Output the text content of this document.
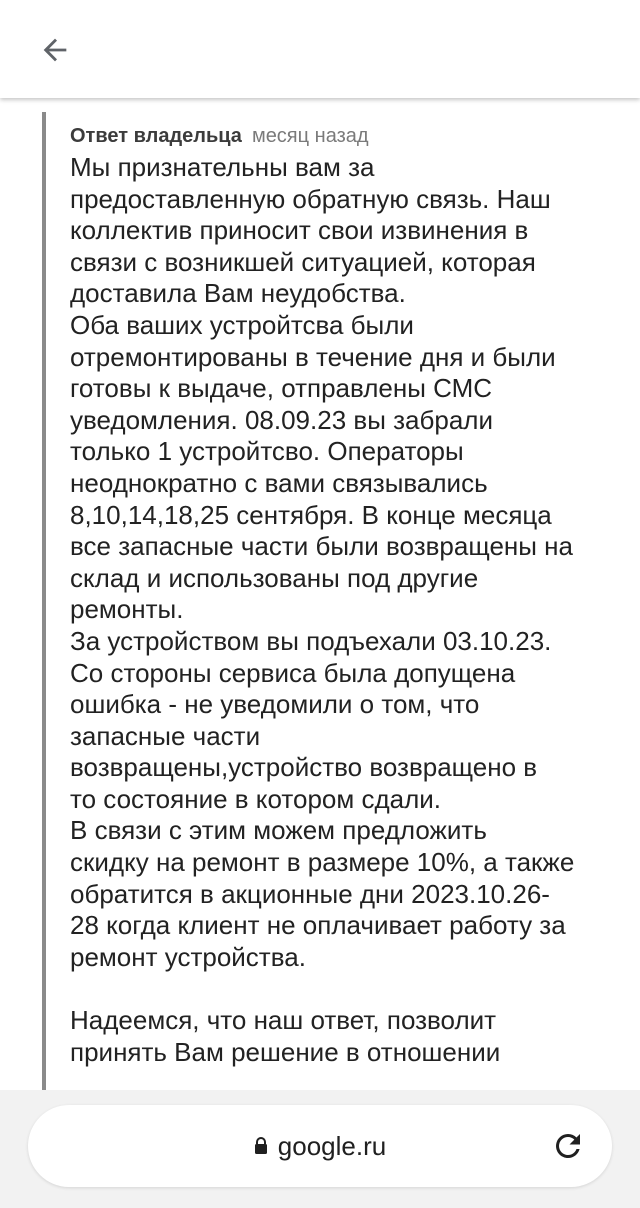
Ответ владельца месяц назад
Мы признательны вам за
предоставленную обратную связь. Наш
коллектив приносит свои извинения в
связи с возникшей ситуацией, которая
доставила Вам неудобства.
Оба ваших устройтсва были
отремонтированы в течение дня и были
готовы к выдаче, отправлены СМС
уведомления. 08.09.23 вы забрали
только 1 устройтсво. Операторы
неоднократно с вами связывались
8,10,14,18,25 сентября. В конце месяца
все запасные части были возвращены на
склад и использованы под другие
ремонты.
За устройством вы подъехали 03.10.23.
Со стороны сервиса была допущена
ошибка - не уведомили о том, что
запасные части
возвращены,устройство возвращено в
то состояние в котором сдали.
В связи с этим можем предложить
скидку на ремонт в размере 10%, а также
обратится в акционные дни 2023.10.26-
28 когда клиент не оплачивает работу за
ремонт устройства.

Надеемся, что наш ответ, позволит
принять Вам решение в отношении
google.ru
